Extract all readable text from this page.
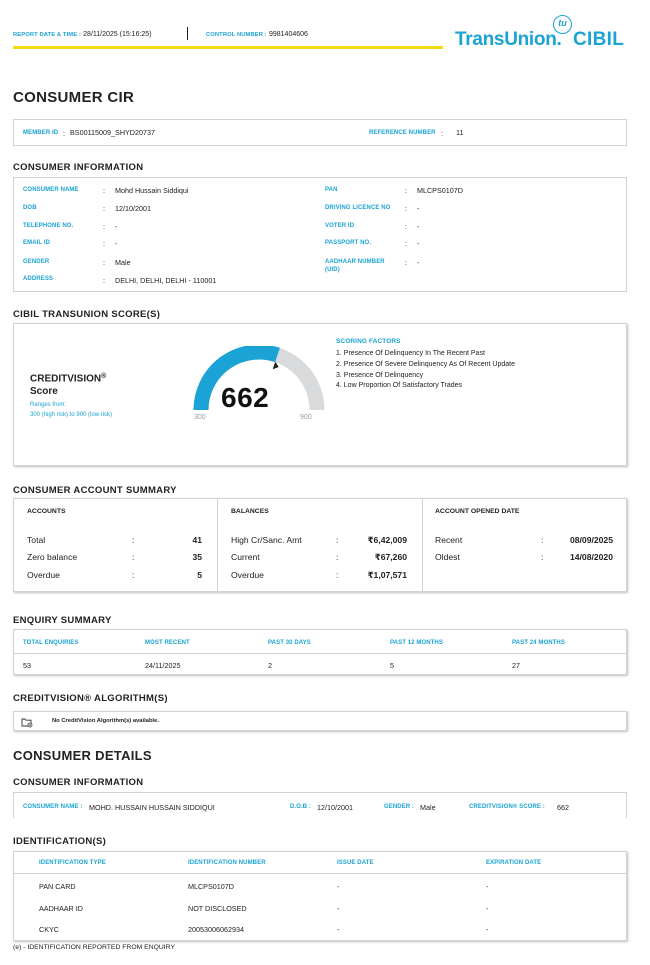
REPORT DATE & TIME : 28/11/2025 (15:16:25)	CONTROL NUMBER : 9981404606	TransUnion. CIBIL
tu
CONSUMER CIR
MEMBER ID : BS00115009_SHYD20737	REFERENCE NUMBER : 11
CONSUMER INFORMATION
CONSUMER NAME	: Mohd Hussain Siddiqui
DOB	: 12/10/2001
TELEPHONE NO.	: -
EMAIL ID	: -
GENDER	: Male
ADDRESS	: DELHI, DELHI, DELHI - 110001
PAN	: MLCPS0107D
DRIVING LICENCE NO : -
VOTER ID	: -
PASSPORT NO.	: -
AADHAAR NUMBER
(UID)
: -
CIBIL TRANSUNION SCORE(S)
CREDITVISION®
Score
Ranges from:
300 (high risk) to 900 (low risk)
662
300	900
SCORING FACTORS
1. Presence Of Delinquency In The Recent Past
2. Presence Of Severe Delinquency As Of Recent Update
3. Presence Of Delinquency
4. Low Proportion Of Satisfactory Trades
CONSUMER ACCOUNT SUMMARY
ACCOUNTS
Total	:	41
Zero balance	:	35
Overdue	:	5
BALANCES
High Cr/Sanc. Amt	:	₹6,42,009
Current	:	₹67,260
Overdue	:	₹1,07,571
ACCOUNT OPENED DATE
Recent	:	08/09/2025
Oldest	:	14/08/2020
ENQUIRY SUMMARY
TOTAL ENQUIRIES	MOST RECENT	PAST 30 DAYS	PAST 12 MONTHS	PAST 24 MONTHS
53	24/11/2025	2	5	27
CREDITVISION® ALGORITHM(S)
No CreditVision Algorithm(s) available.
CONSUMER DETAILS
CONSUMER INFORMATION
CONSUMER NAME : MOHD. HUSSAIN HUSSAIN SIDDIQUI	D.O.B : 12/10/2001	GENDER : Male	CREDITVISION® SCORE : 662
IDENTIFICATION(S)
IDENTIFICATION TYPE	IDENTIFICATION NUMBER	ISSUE DATE	EXPIRATION DATE
PAN CARD	MLCPS0107D	-	-
AADHAAR ID	NOT DISCLOSED	-	-
CKYC	20053006062934	-	-
(e) - IDENTIFICATION REPORTED FROM ENQUIRY
